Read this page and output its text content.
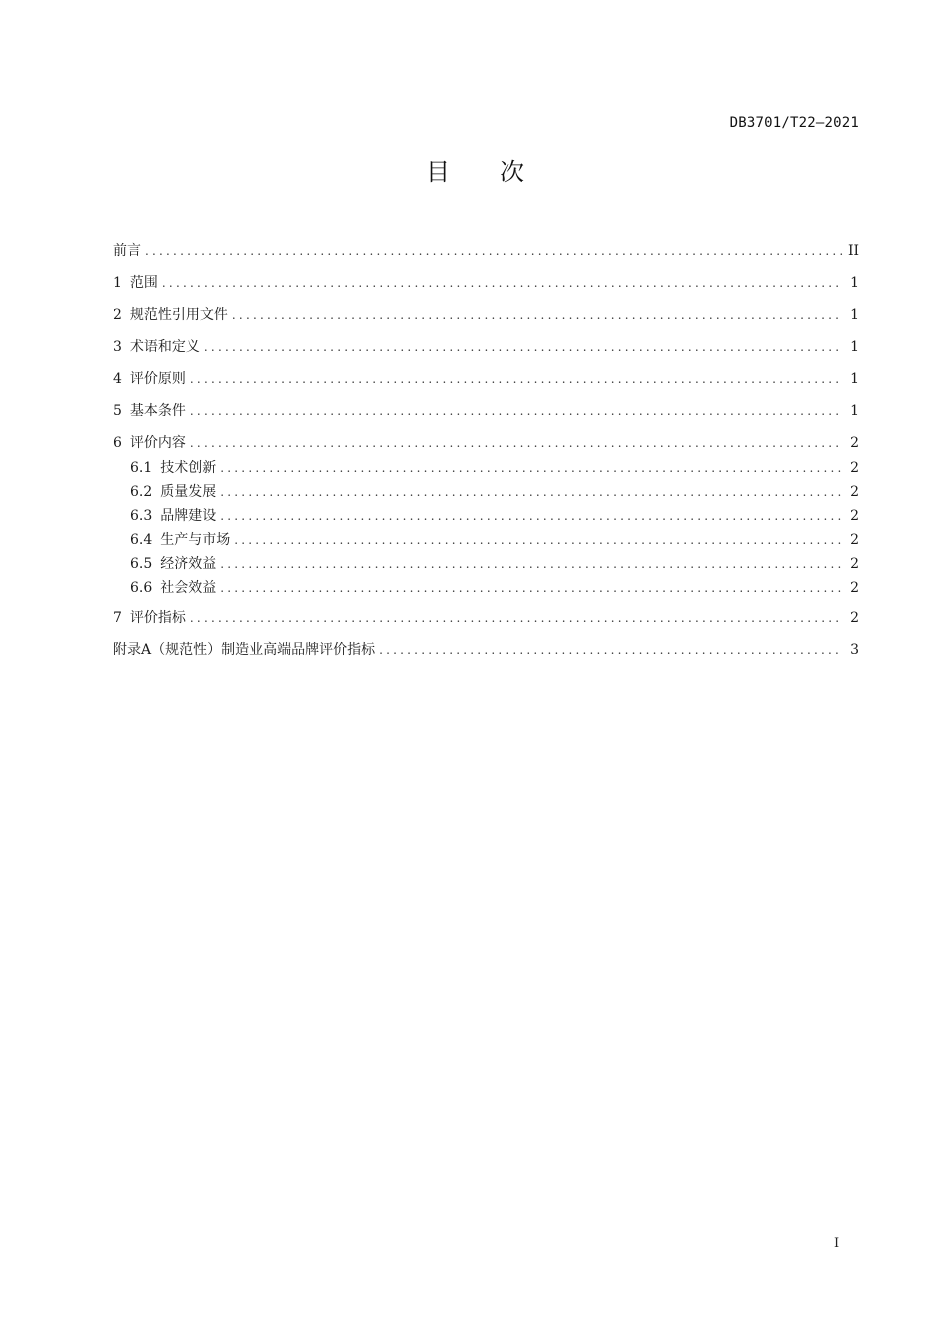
DB3701/T22—2021
目次
前言 .....	II
1 范围 .....	1
2 规范性引用文件 .....	1
3 术语和定义 .....	1
4 评价原则 .....	1
5 基本条件 .....	1
6 评价内容 .....	2
6.1 技术创新 .....	2
6.2 质量发展 .....	2
6.3 品牌建设 .....	2
6.4 生产与市场 .....	2
6.5 经济效益 .....	2
6.6 社会效益 .....	2
7 评价指标 .....	2
附录A（规范性）制造业高端品牌评价指标 .....	3
I
